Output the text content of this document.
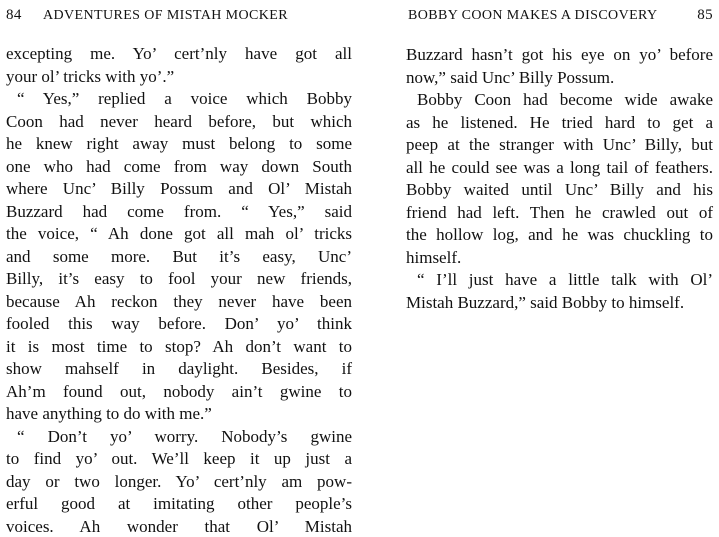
84 ADVENTURES OF MISTAH MOCKER
excepting me. Yo’ cert’nly have got all
your ol’ tricks with yo’.”
“ Yes,” replied a voice which Bobby
Coon had never heard before, but which
he knew right away must belong to some
one who had come from way down South
where Unc’ Billy Possum and Ol’ Mistah
Buzzard had come from. “ Yes,” said
the voice, “ Ah done got all mah ol’ tricks
and some more. But it’s easy, Unc’
Billy, it’s easy to fool your new friends,
because Ah reckon they never have been
fooled this way before. Don’ yo’ think
it is most time to stop? Ah don’t want to
show mahself in daylight. Besides, if
Ah’m found out, nobody ain’t gwine to
have anything to do with me.”
“ Don’t yo’ worry. Nobody’s gwine
to find yo’ out. We’ll keep it up just a
day or two longer. Yo’ cert’nly am pow-
erful good at imitating other people’s
voices. Ah wonder that Ol’ Mistah
BOBBY COON MAKES A DISCOVERY	85
Buzzard hasn’t got his eye on yo’ before
now,” said Unc’ Billy Possum.
Bobby Coon had become wide awake
as he listened. He tried hard to get a
peep at the stranger with Unc’ Billy, but
all he could see was a long tail of feathers.
Bobby waited until Unc’ Billy and his
friend had left. Then he crawled out of
the hollow log, and he was chuckling to
himself.
“ I’ll just have a little talk with Ol’
Mistah Buzzard,” said Bobby to himself.
